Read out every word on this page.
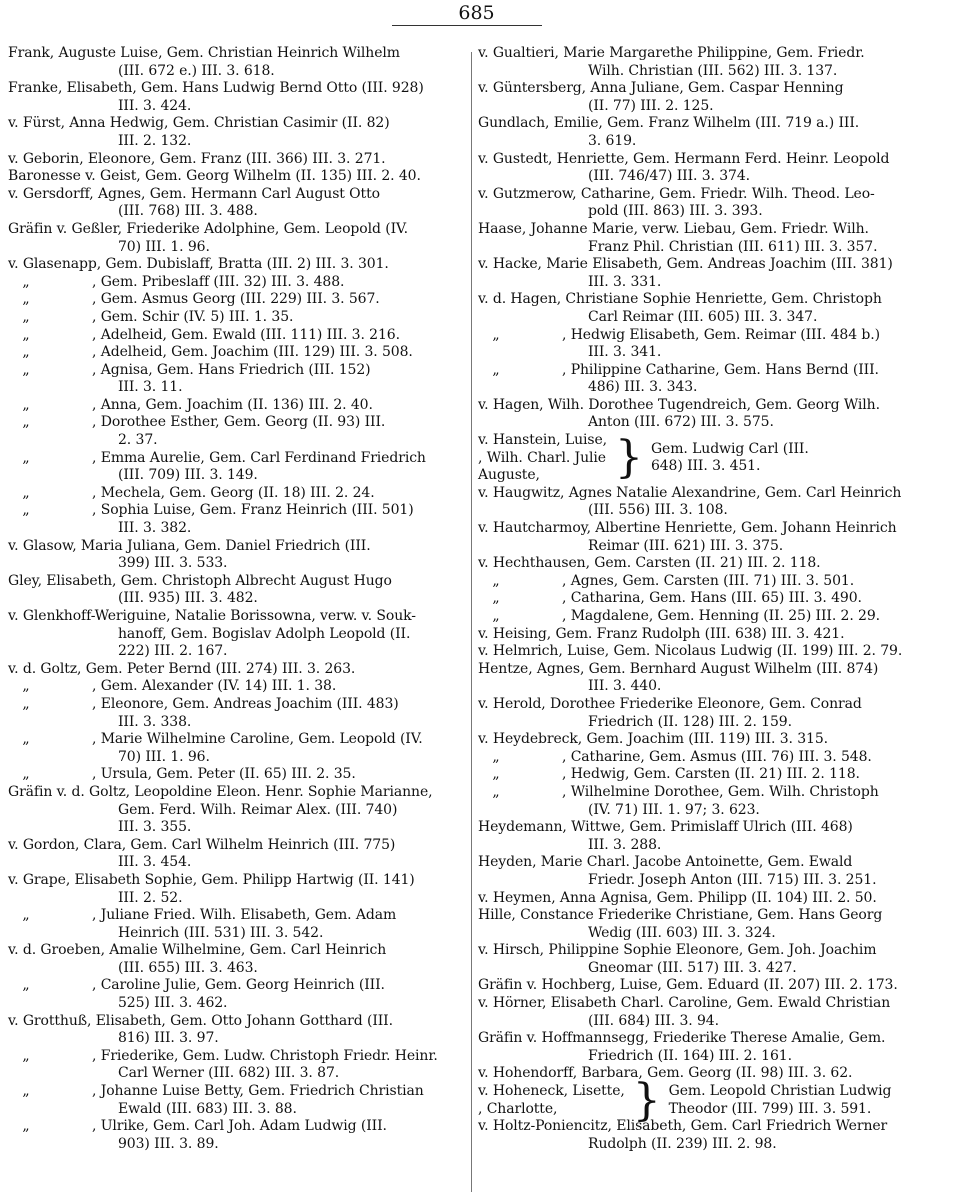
685
Frank, Auguste Luise, Gem. Christian Heinrich Wilhelm
(III. 672 e.) III. 3. 618.
Franke, Elisabeth, Gem. Hans Ludwig Bernd Otto (III. 928)
III. 3. 424.
v. Fürst, Anna Hedwig, Gem. Christian Casimir (II. 82)
III. 2. 132.
v. Geborin, Eleonore, Gem. Franz (III. 366) III. 3. 271.
Baronesse v. Geist, Gem. Georg Wilhelm (II. 135) III. 2. 40.
v. Gersdorff, Agnes, Gem. Hermann Carl August Otto
(III. 768) III. 3. 488.
Gräfin v. Geßler, Friederike Adolphine, Gem. Leopold (IV.
70) III. 1. 96.
v. Glasenapp, Gem. Dubislaff, Bratta (III. 2) III. 3. 301.
„	, Gem. Pribeslaff (III. 32) III. 3. 488.
„	, Gem. Asmus Georg (III. 229) III. 3. 567.
„	, Gem. Schir (IV. 5) III. 1. 35.
„	, Adelheid, Gem. Ewald (III. 111) III. 3. 216.
„	, Adelheid, Gem. Joachim (III. 129) III. 3. 508.
„	, Agnisa, Gem. Hans Friedrich (III. 152)
III. 3. 11.
„	, Anna, Gem. Joachim (II. 136) III. 2. 40.
„	, Dorothee Esther, Gem. Georg (II. 93) III.
2. 37.
„	, Emma Aurelie, Gem. Carl Ferdinand Friedrich
(III. 709) III. 3. 149.
„	, Mechela, Gem. Georg (II. 18) III. 2. 24.
„	, Sophia Luise, Gem. Franz Heinrich (III. 501)
III. 3. 382.
v. Glasow, Maria Juliana, Gem. Daniel Friedrich (III.
399) III. 3. 533.
Gley, Elisabeth, Gem. Christoph Albrecht August Hugo
(III. 935) III. 3. 482.
v. Glenkhoff-Weriguine, Natalie Borissowna, verw. v. Souk-
hanoff, Gem. Bogislav Adolph Leopold (II.
222) III. 2. 167.
v. d. Goltz, Gem. Peter Bernd (III. 274) III. 3. 263.
„	, Gem. Alexander (IV. 14) III. 1. 38.
„	, Eleonore, Gem. Andreas Joachim (III. 483)
III. 3. 338.
„	, Marie Wilhelmine Caroline, Gem. Leopold (IV.
70) III. 1. 96.
„	, Ursula, Gem. Peter (II. 65) III. 2. 35.
Gräfin v. d. Goltz, Leopoldine Eleon. Henr. Sophie Marianne,
Gem. Ferd. Wilh. Reimar Alex. (III. 740)
III. 3. 355.
v. Gordon, Clara, Gem. Carl Wilhelm Heinrich (III. 775)
III. 3. 454.
v. Grape, Elisabeth Sophie, Gem. Philipp Hartwig (II. 141)
III. 2. 52.
„	, Juliane Fried. Wilh. Elisabeth, Gem. Adam
Heinrich (III. 531) III. 3. 542.
v. d. Groeben, Amalie Wilhelmine, Gem. Carl Heinrich
(III. 655) III. 3. 463.
„	, Caroline Julie, Gem. Georg Heinrich (III.
525) III. 3. 462.
v. Grotthuß, Elisabeth, Gem. Otto Johann Gotthard (III.
816) III. 3. 97.
„	, Friederike, Gem. Ludw. Christoph Friedr. Heinr.
Carl Werner (III. 682) III. 3. 87.
„	, Johanne Luise Betty, Gem. Friedrich Christian
Ewald (III. 683) III. 3. 88.
„	, Ulrike, Gem. Carl Joh. Adam Ludwig (III.
903) III. 3. 89.
v. Gualtieri, Marie Margarethe Philippine, Gem. Friedr.
Wilh. Christian (III. 562) III. 3. 137.
v. Güntersberg, Anna Juliane, Gem. Caspar Henning
(II. 77) III. 2. 125.
Gundlach, Emilie, Gem. Franz Wilhelm (III. 719 a.) III.
3. 619.
v. Gustedt, Henriette, Gem. Hermann Ferd. Heinr. Leopold
(III. 746/47) III. 3. 374.
v. Gutzmerow, Catharine, Gem. Friedr. Wilh. Theod. Leo-
pold (III. 863) III. 3. 393.
Haase, Johanne Marie, verw. Liebau, Gem. Friedr. Wilh.
Franz Phil. Christian (III. 611) III. 3. 357.
v. Hacke, Marie Elisabeth, Gem. Andreas Joachim (III. 381)
III. 3. 331.
v. d. Hagen, Christiane Sophie Henriette, Gem. Christoph
Carl Reimar (III. 605) III. 3. 347.
„	, Hedwig Elisabeth, Gem. Reimar (III. 484 b.)
III. 3. 341.
„	, Philippine Catharine, Gem. Hans Bernd (III.
486) III. 3. 343.
v. Hagen, Wilh. Dorothee Tugendreich, Gem. Georg Wilh.
Anton (III. 672) III. 3. 575.
v. Hanstein, Luise,
, Wilh. Charl. Julie
Auguste,	} Gem. Ludwig Carl (III.
648) III. 3. 451.
v. Haugwitz, Agnes Natalie Alexandrine, Gem. Carl Heinrich
(III. 556) III. 3. 108.
v. Hautcharmoy, Albertine Henriette, Gem. Johann Heinrich
Reimar (III. 621) III. 3. 375.
v. Hechthausen, Gem. Carsten (II. 21) III. 2. 118.
„	, Agnes, Gem. Carsten (III. 71) III. 3. 501.
„	, Catharina, Gem. Hans (III. 65) III. 3. 490.
„	, Magdalene, Gem. Henning (II. 25) III. 2. 29.
v. Heising, Gem. Franz Rudolph (III. 638) III. 3. 421.
v. Helmrich, Luise, Gem. Nicolaus Ludwig (II. 199) III. 2. 79.
Hentze, Agnes, Gem. Bernhard August Wilhelm (III. 874)
III. 3. 440.
v. Herold, Dorothee Friederike Eleonore, Gem. Conrad
Friedrich (II. 128) III. 2. 159.
v. Heydebreck, Gem. Joachim (III. 119) III. 3. 315.
„	, Catharine, Gem. Asmus (III. 76) III. 3. 548.
„	, Hedwig, Gem. Carsten (II. 21) III. 2. 118.
„	, Wilhelmine Dorothee, Gem. Wilh. Christoph
(IV. 71) III. 1. 97; 3. 623.
Heydemann, Wittwe, Gem. Primislaff Ulrich (III. 468)
III. 3. 288.
Heyden, Marie Charl. Jacobe Antoinette, Gem. Ewald
Friedr. Joseph Anton (III. 715) III. 3. 251.
v. Heymen, Anna Agnisa, Gem. Philipp (II. 104) III. 2. 50.
Hille, Constance Friederike Christiane, Gem. Hans Georg
Wedig (III. 603) III. 3. 324.
v. Hirsch, Philippine Sophie Eleonore, Gem. Joh. Joachim
Gneomar (III. 517) III. 3. 427.
Gräfin v. Hochberg, Luise, Gem. Eduard (II. 207) III. 2. 173.
v. Hörner, Elisabeth Charl. Caroline, Gem. Ewald Christian
(III. 684) III. 3. 94.
Gräfin v. Hoffmannsegg, Friederike Therese Amalie, Gem.
Friedrich (II. 164) III. 2. 161.
v. Hohendorff, Barbara, Gem. Georg (II. 98) III. 3. 62.
v. Hoheneck, Lisette,
, Charlotte,	} Gem. Leopold Christian Ludwig
Theodor (III. 799) III. 3. 591.
v. Holtz-Poniencitz, Elisabeth, Gem. Carl Friedrich Werner
Rudolph (II. 239) III. 2. 98.
